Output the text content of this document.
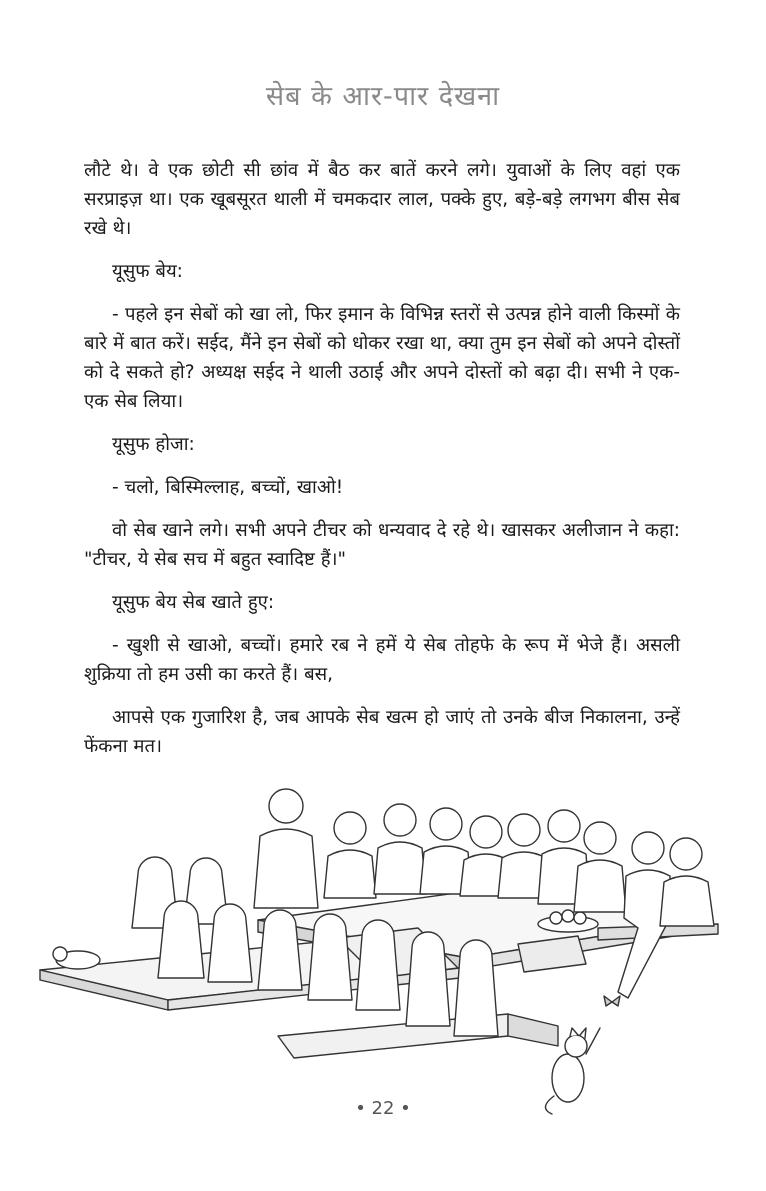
सेब के आर-पार देखना

लौटे थे। वे एक छोटी सी छांव में बैठ कर बातें करने लगे। युवाओं के लिए वहां एक सरप्राइज़ था। एक खूबसूरत थाली में चमकदार लाल, पक्के हुए, बड़े-बड़े लगभग बीस सेब रखे थे।

यूसुफ बेय:

- पहले इन सेबों को खा लो, फिर इमान के विभिन्न स्तरों से उत्पन्न होने वाली किस्मों के बारे में बात करें। सईद, मैंने इन सेबों को धोकर रखा था, क्या तुम इन सेबों को अपने दोस्तों को दे सकते हो? अध्यक्ष सईद ने थाली उठाई और अपने दोस्तों को बढ़ा दी। सभी ने एक-एक सेब लिया।

यूसुफ होजा:

- चलो, बिस्मिल्लाह, बच्चों, खाओ!

वो सेब खाने लगे। सभी अपने टीचर को धन्यवाद दे रहे थे। खासकर अलीजान ने कहा: "टीचर, ये सेब सच में बहुत स्वादिष्ट हैं।"

यूसुफ बेय सेब खाते हुए:

- खुशी से खाओ, बच्चों। हमारे रब ने हमें ये सेब तोहफे के रूप में भेजे हैं। असली शुक्रिया तो हम उसी का करते हैं। बस,

आपसे एक गुजारिश है, जब आपके सेब खत्म हो जाएं तो उनके बीज निकालना, उन्हें फेंकना मत।

• 22 •
